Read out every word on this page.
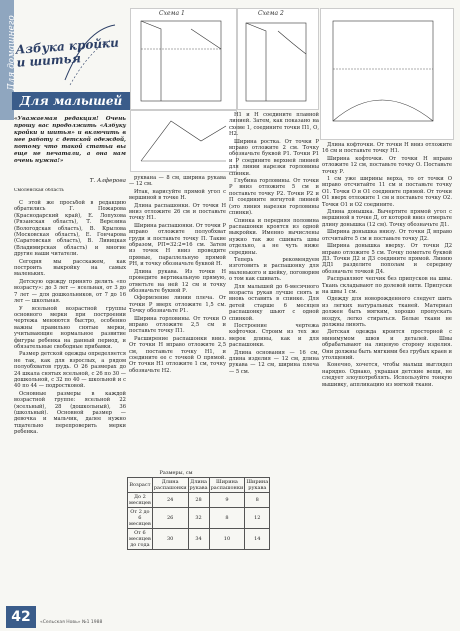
Для домашнего
Азбука кройки и шитья
Для малышей
«Уважаемая редакция! Очень прошу вас продолжить «Азбуку кройки и шитья» и включить в нее работу с детской одеждой, потому что такой статьи вы еще не печатали, а она нам очень нужна!»
Т. Алферова
Смоленская область
Схема 1	Схема 2

С этой же просьбой в редакцию обратились Г. Пожарова (Краснодарский край), Е. Лопухова (Рязанская область), Т. Верезина (Вологодская область), В. Крылова (Московская область), Е. Гончарова (Саратовская область), В. Ливицкая (Владимирская область) и многие другие наши читатели.

Сегодня мы расскажем, как построить выкройку на самых маленьких.

Детскую одежду принято делить «по возрасту»: до 3 лет — ясельная, от 3 до 7 лет — для дошкольников, от 7 до 16 лет — школьная.

У ясельной возрастной группы основного мерки при построении чертежа меняются быстро, особенно важны правильно снятые мерки, учитывающие нормальное развитие фигуры ребенка на данный период, и обязательные свободные прибавки.

Размер детской одежды определяется не так, как для взрослых, а рядом полуобхватов грудь. О 26 размерах до 24 шкала снятых ясельной, с 26 по 30 — дошкольной, с 32 по 40 — школьной и с 40 по 44 — подростковой.

Основные размеры в каждой возрастной группе: ясельной 22 (ясельный), 28 (дошкольный), 36 (школьный). Основной размер — девочка и мальчик, далее нужно тщательно перепроверить мерки ребенка.

руквана — 8 см, ширина рукава — 12 см.

Итак, нарисуйте прямой угол с вершиной в точке Н.

Длина распашонки. От точки Н вниз отложите 26 см и поставьте точку Н1.

Ширина распашонки. От точки Р вправо отложите полуобхват груди и поставьте точку П. Такие образом, РП=32:2=16 см. Затем из точек Н вниз проведите прямые, параллельную прямой РН, и точку обозначьте буквой Н.

Длина рукава. Из точки Н проведите вертикальную прямую, отметьте на ней 12 см и точку обозначьте буквой Р.

Оформление линии плеча. От точки Р вверх отложите 1,5 см. Точку обозначьте Р1.

Ширина горловины. От точки О вправо отложите 2,5 см и поставьте точку П1.

Расширение распашонки вниз. От точки Н вправо отложите 2,5 см, поставьте точку Н1, и соедините ее с точкой О прямой. От точки Н1 отложите 1 см, точку обозначьте Н2.

Размеры, см
Возраст	Длина распашонки	Длина рукава	Ширина распашонки	Ширина рукава
До 2 месяцев	24	28	9	8
От 2 до 6 месяцев	26	32	8	12
От 6 месяцев до года	30	34	10	14

Н1 и Н соедините плавной линией. Затем, как показано на схеме 1, соедините точки П1, О, Н2.

Ширина ростка. От точки Р вправо отложите 2 см. Точку обозначьте буквой Р1. Точки Р1 и Р соедините верхней линией для линии нарезки горловины спинки.

Глубина горловины. От точки Р вниз отложите 5 см и поставьте точку Р2. Точки Р2 и П соедините вогнутой линией (это линия нарезки горловины спинки).

Спинка и передняя половина распашонки кроятся из одной выкройки. Именно вычислены нужно так же сшивать швы отдельно, а не чуть ниже середины.

Теперь рекомендуем изготовить и распашонку для маленького и шейку, поговорим о том как сшивать.

Для малышей до 6-месячного возраста рукав лучше снять и вновь оставить в спинке. Для детей старше 6 месяцев распашонку шьют с одной спинкой.

Построение чертежа кофточки. Строим из тех же мерок длины, как и для распашонки.

Длина основания — 16 см, длина изделия — 12 см, длина рукава — 12 см, ширина плеча — 5 см.

Длина кофточки. От точки Н вниз отложите 16 см и поставьте точку Н1.

Ширина кофточки. От точки Н вправо отложите 12 см, поставьте точку О. Поставьте точку Р.

1 см уже ширины верха, то от точки О вправо отсчитайте 11 см и поставьте точку О1. Точки О и О1 соедините прямой. От точки О1 вверх отложите 1 см и поставьте точку О2. Точки О1 и О2 соедините.

Длина донышка. Вычертите прямой угол с вершиной в точке Д, от которой вниз отмерьте длину донышка (12 см). Точку обозначьте Д1.

Ширина донышка внизу. От точки Д вправо отсчитайте 5 см и поставьте точку Д2.

Ширина донышка вверху. От точки Д2 вправо отложите 5 см. Точку пометьте буквой Д3. Точки Д2 и Д3 соедините прямой. Линию ДД1 разделите пополам и середину обозначьте точкой Д4.

Расправляют чепчик без припусков на швы. Ткань складывают по долевой нити. Припуски на швы 1 см.

Одежду для новорожденного следует шить из легких натуральных тканей. Материал должен быть мягким, хорошо пропускать воздух, легко стираться. Белые ткани не должны линять.

Детская одежда кроится просторной с минимумом швов и деталей. Швы обрабатывают на лицевую сторону изделия. Они должны быть мягкими без грубых краев и утолщений.

Конечно, хочется, чтобы малыш выглядел нарядно. Однако, украшая детские вещи, не следует злоупотреблять. Используйте тонкую вышивку, аппликацию из мягкой ткани.

42	«Сельская Новь» №1 1988
